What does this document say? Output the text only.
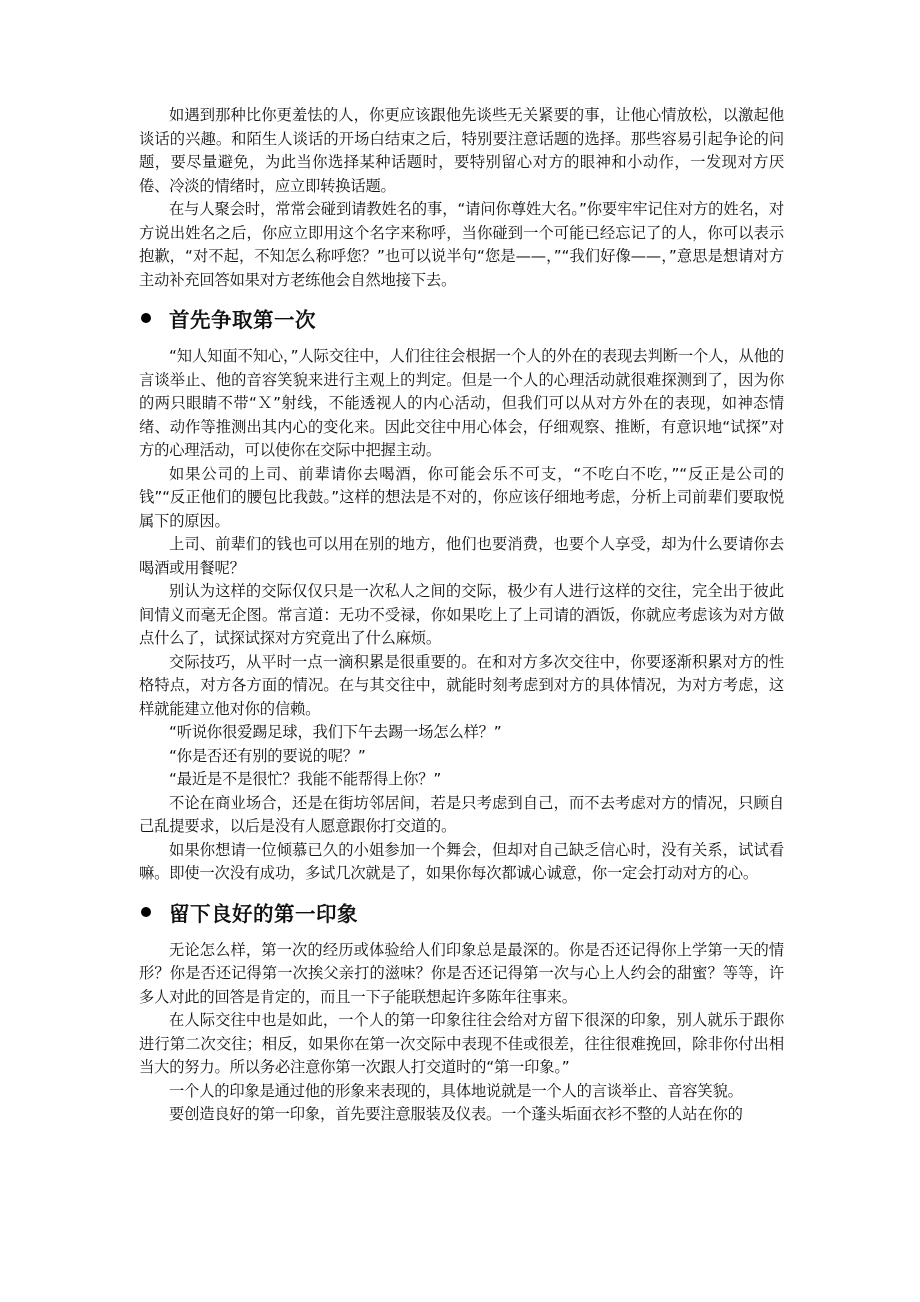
如遇到那种比你更羞怯的人，你更应该跟他先谈些无关紧要的事，让他心情放松，以激起他谈话的兴趣。和陌生人谈话的开场白结束之后，特别要注意话题的选择。那些容易引起争论的问题，要尽量避免，为此当你选择某种话题时，要特别留心对方的眼神和小动作，一发现对方厌倦、冷淡的情绪时，应立即转换话题。

在与人聚会时，常常会碰到请教姓名的事，“请问你尊姓大名。”你要牢牢记住对方的姓名，对方说出姓名之后，你应立即用这个名字来称呼，当你碰到一个可能已经忘记了的人，你可以表示抱歉，“对不起，不知怎么称呼您？”也可以说半句“您是——，”“我们好像——，”意思是想请对方主动补充回答如果对方老练他会自然地接下去。

首先争取第一次

“知人知面不知心，”人际交往中，人们往往会根据一个人的外在的表现去判断一个人，从他的言谈举止、他的音容笑貌来进行主观上的判定。但是一个人的心理活动就很难探测到了，因为你的两只眼睛不带“Ｘ”射线，不能透视人的内心活动，但我们可以从对方外在的表现，如神态情绪、动作等推测出其内心的变化来。因此交往中用心体会，仔细观察、推断，有意识地“试探”对方的心理活动，可以使你在交际中把握主动。

如果公司的上司、前辈请你去喝酒，你可能会乐不可支，“不吃白不吃，”“反正是公司的钱”“反正他们的腰包比我鼓。”这样的想法是不对的，你应该仔细地考虑，分析上司前辈们要取悦属下的原因。

上司、前辈们的钱也可以用在别的地方，他们也要消费，也要个人享受，却为什么要请你去喝酒或用餐呢？

别认为这样的交际仅仅只是一次私人之间的交际，极少有人进行这样的交往，完全出于彼此间情义而毫无企图。常言道：无功不受禄，你如果吃上了上司请的酒饭，你就应考虑该为对方做点什么了，试探试探对方究竟出了什么麻烦。

交际技巧，从平时一点一滴积累是很重要的。在和对方多次交往中，你要逐渐积累对方的性格特点，对方各方面的情况。在与其交往中，就能时刻考虑到对方的具体情况，为对方考虑，这样就能建立他对你的信赖。

“听说你很爱踢足球，我们下午去踢一场怎么样？”

“你是否还有别的要说的呢？”

“最近是不是很忙？我能不能帮得上你？”

不论在商业场合，还是在街坊邻居间，若是只考虑到自己，而不去考虑对方的情况，只顾自己乱提要求，以后是没有人愿意跟你打交道的。

如果你想请一位倾慕已久的小姐参加一个舞会，但却对自己缺乏信心时，没有关系，试试看嘛。即使一次没有成功，多试几次就是了，如果你每次都诚心诚意，你一定会打动对方的心。

留下良好的第一印象

无论怎么样，第一次的经历或体验给人们印象总是最深的。你是否还记得你上学第一天的情形？你是否还记得第一次挨父亲打的滋味？你是否还记得第一次与心上人约会的甜蜜？等等，许多人对此的回答是肯定的，而且一下子能联想起许多陈年往事来。

在人际交往中也是如此，一个人的第一印象往往会给对方留下很深的印象，别人就乐于跟你进行第二次交往；相反，如果你在第一次交际中表现不佳或很差，往往很难挽回，除非你付出相当大的努力。所以务必注意你第一次跟人打交道时的“第一印象。”

一个人的印象是通过他的形象来表现的，具体地说就是一个人的言谈举止、音容笑貌。

要创造良好的第一印象，首先要注意服装及仪表。一个蓬头垢面衣衫不整的人站在你的
